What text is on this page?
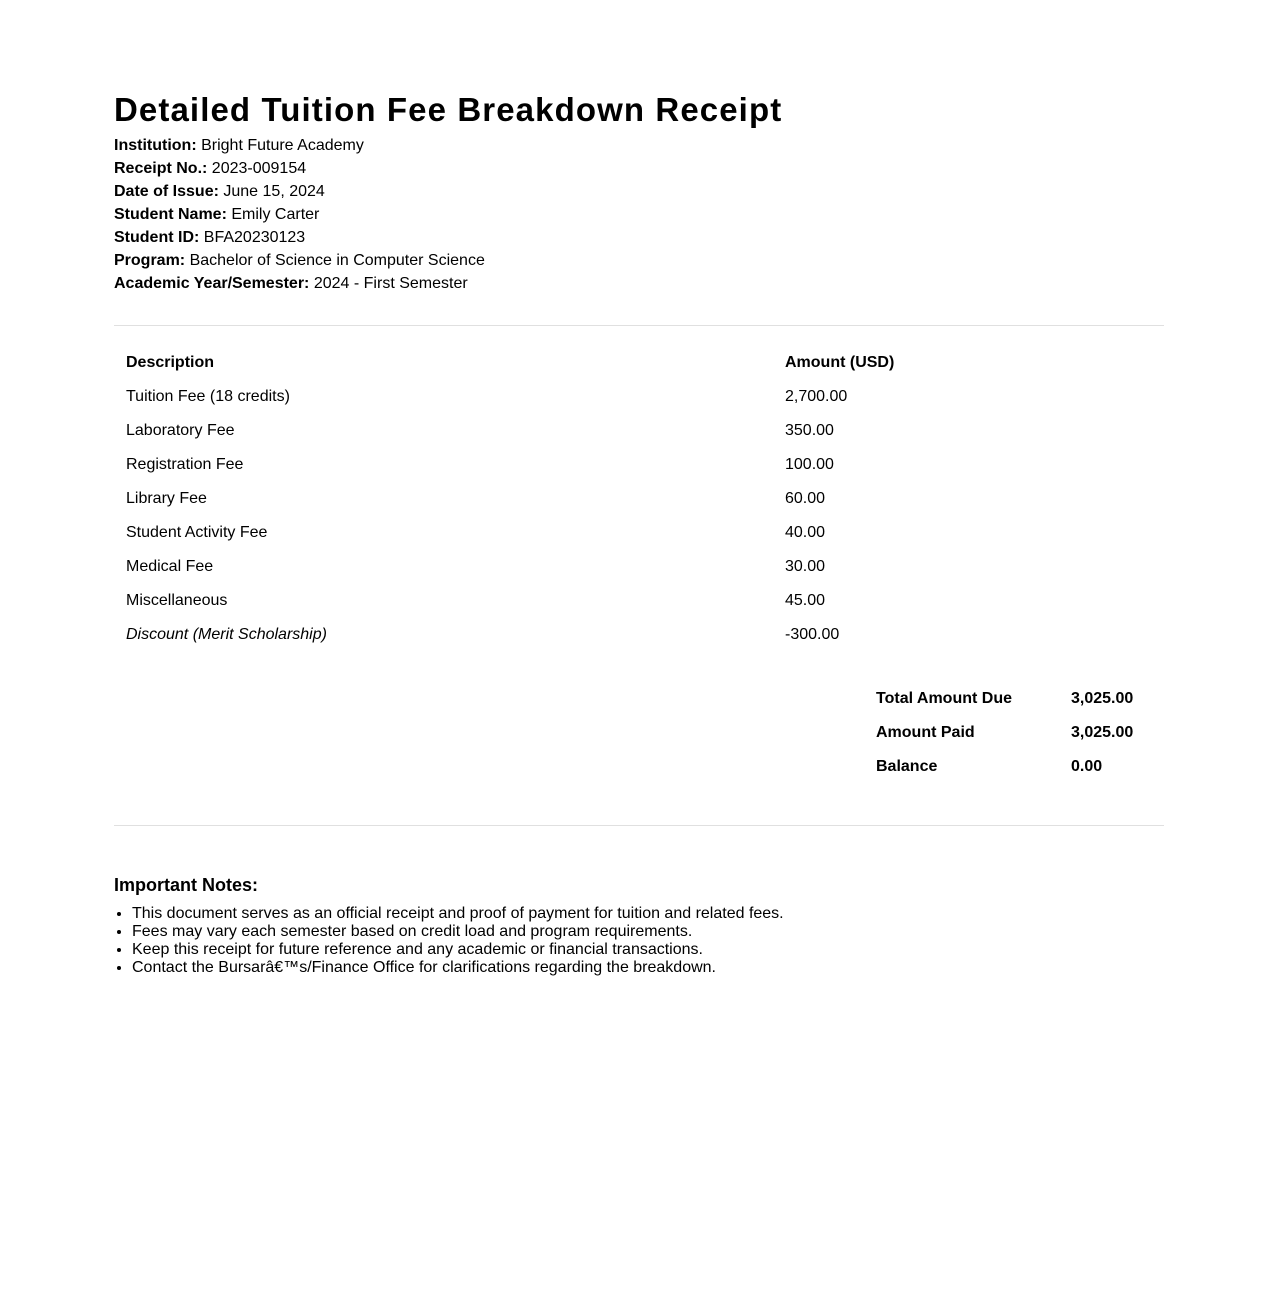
Detailed Tuition Fee Breakdown Receipt
Institution: Bright Future Academy
Receipt No.: 2023-009154
Date of Issue: June 15, 2024
Student Name: Emily Carter
Student ID: BFA20230123
Program: Bachelor of Science in Computer Science
Academic Year/Semester: 2024 - First Semester
Description	Amount (USD)
Tuition Fee (18 credits)	2,700.00
Laboratory Fee	350.00
Registration Fee	100.00
Library Fee	60.00
Student Activity Fee	40.00
Medical Fee	30.00
Miscellaneous	45.00
Discount (Merit Scholarship)	-300.00
Total Amount Due	3,025.00
Amount Paid	3,025.00
Balance	0.00
Important Notes:
• This document serves as an official receipt and proof of payment for tuition and related fees.
• Fees may vary each semester based on credit load and program requirements.
• Keep this receipt for future reference and any academic or financial transactions.
• Contact the Bursarâ€™s/Finance Office for clarifications regarding the breakdown.
